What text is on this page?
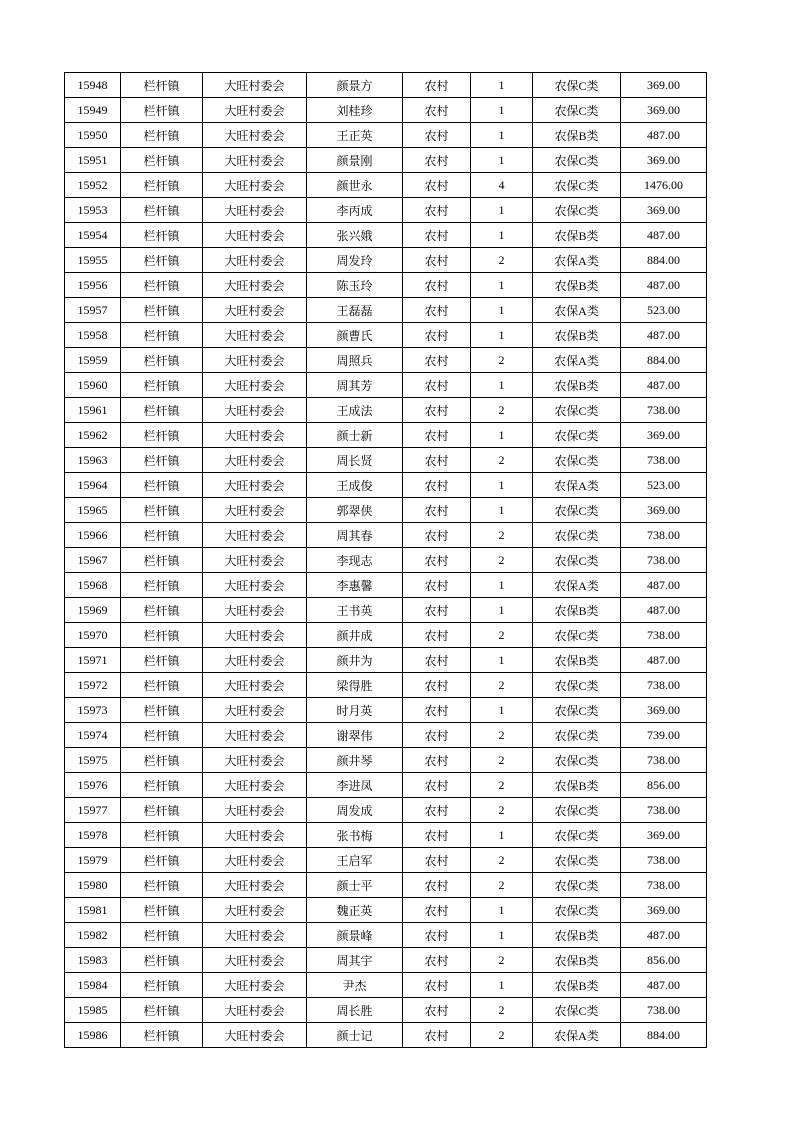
15948	栏杆镇	大旺村委会	颜景方	农村	1	农保C类	369.00
15949	栏杆镇	大旺村委会	刘桂珍	农村	1	农保C类	369.00
15950	栏杆镇	大旺村委会	王正英	农村	1	农保B类	487.00
15951	栏杆镇	大旺村委会	颜景刚	农村	1	农保C类	369.00
15952	栏杆镇	大旺村委会	颜世永	农村	4	农保C类	1476.00
15953	栏杆镇	大旺村委会	李丙成	农村	1	农保C类	369.00
15954	栏杆镇	大旺村委会	张兴娥	农村	1	农保B类	487.00
15955	栏杆镇	大旺村委会	周发玲	农村	2	农保A类	884.00
15956	栏杆镇	大旺村委会	陈玉玲	农村	1	农保B类	487.00
15957	栏杆镇	大旺村委会	王磊磊	农村	1	农保A类	523.00
15958	栏杆镇	大旺村委会	颜曹氏	农村	1	农保B类	487.00
15959	栏杆镇	大旺村委会	周照兵	农村	2	农保A类	884.00
15960	栏杆镇	大旺村委会	周其芳	农村	1	农保B类	487.00
15961	栏杆镇	大旺村委会	王成法	农村	2	农保C类	738.00
15962	栏杆镇	大旺村委会	颜士新	农村	1	农保C类	369.00
15963	栏杆镇	大旺村委会	周长贤	农村	2	农保C类	738.00
15964	栏杆镇	大旺村委会	王成俊	农村	1	农保A类	523.00
15965	栏杆镇	大旺村委会	郭翠侠	农村	1	农保C类	369.00
15966	栏杆镇	大旺村委会	周其春	农村	2	农保C类	738.00
15967	栏杆镇	大旺村委会	李现志	农村	2	农保C类	738.00
15968	栏杆镇	大旺村委会	李惠馨	农村	1	农保A类	487.00
15969	栏杆镇	大旺村委会	王书英	农村	1	农保B类	487.00
15970	栏杆镇	大旺村委会	颜井成	农村	2	农保C类	738.00
15971	栏杆镇	大旺村委会	颜井为	农村	1	农保B类	487.00
15972	栏杆镇	大旺村委会	梁得胜	农村	2	农保C类	738.00
15973	栏杆镇	大旺村委会	时月英	农村	1	农保C类	369.00
15974	栏杆镇	大旺村委会	谢翠伟	农村	2	农保C类	739.00
15975	栏杆镇	大旺村委会	颜井琴	农村	2	农保C类	738.00
15976	栏杆镇	大旺村委会	李进凤	农村	2	农保B类	856.00
15977	栏杆镇	大旺村委会	周发成	农村	2	农保C类	738.00
15978	栏杆镇	大旺村委会	张书梅	农村	1	农保C类	369.00
15979	栏杆镇	大旺村委会	王启军	农村	2	农保C类	738.00
15980	栏杆镇	大旺村委会	颜士平	农村	2	农保C类	738.00
15981	栏杆镇	大旺村委会	魏正英	农村	1	农保C类	369.00
15982	栏杆镇	大旺村委会	颜景峰	农村	1	农保B类	487.00
15983	栏杆镇	大旺村委会	周其宇	农村	2	农保B类	856.00
15984	栏杆镇	大旺村委会	尹杰	农村	1	农保B类	487.00
15985	栏杆镇	大旺村委会	周长胜	农村	2	农保C类	738.00
15986	栏杆镇	大旺村委会	颜士记	农村	2	农保A类	884.00
